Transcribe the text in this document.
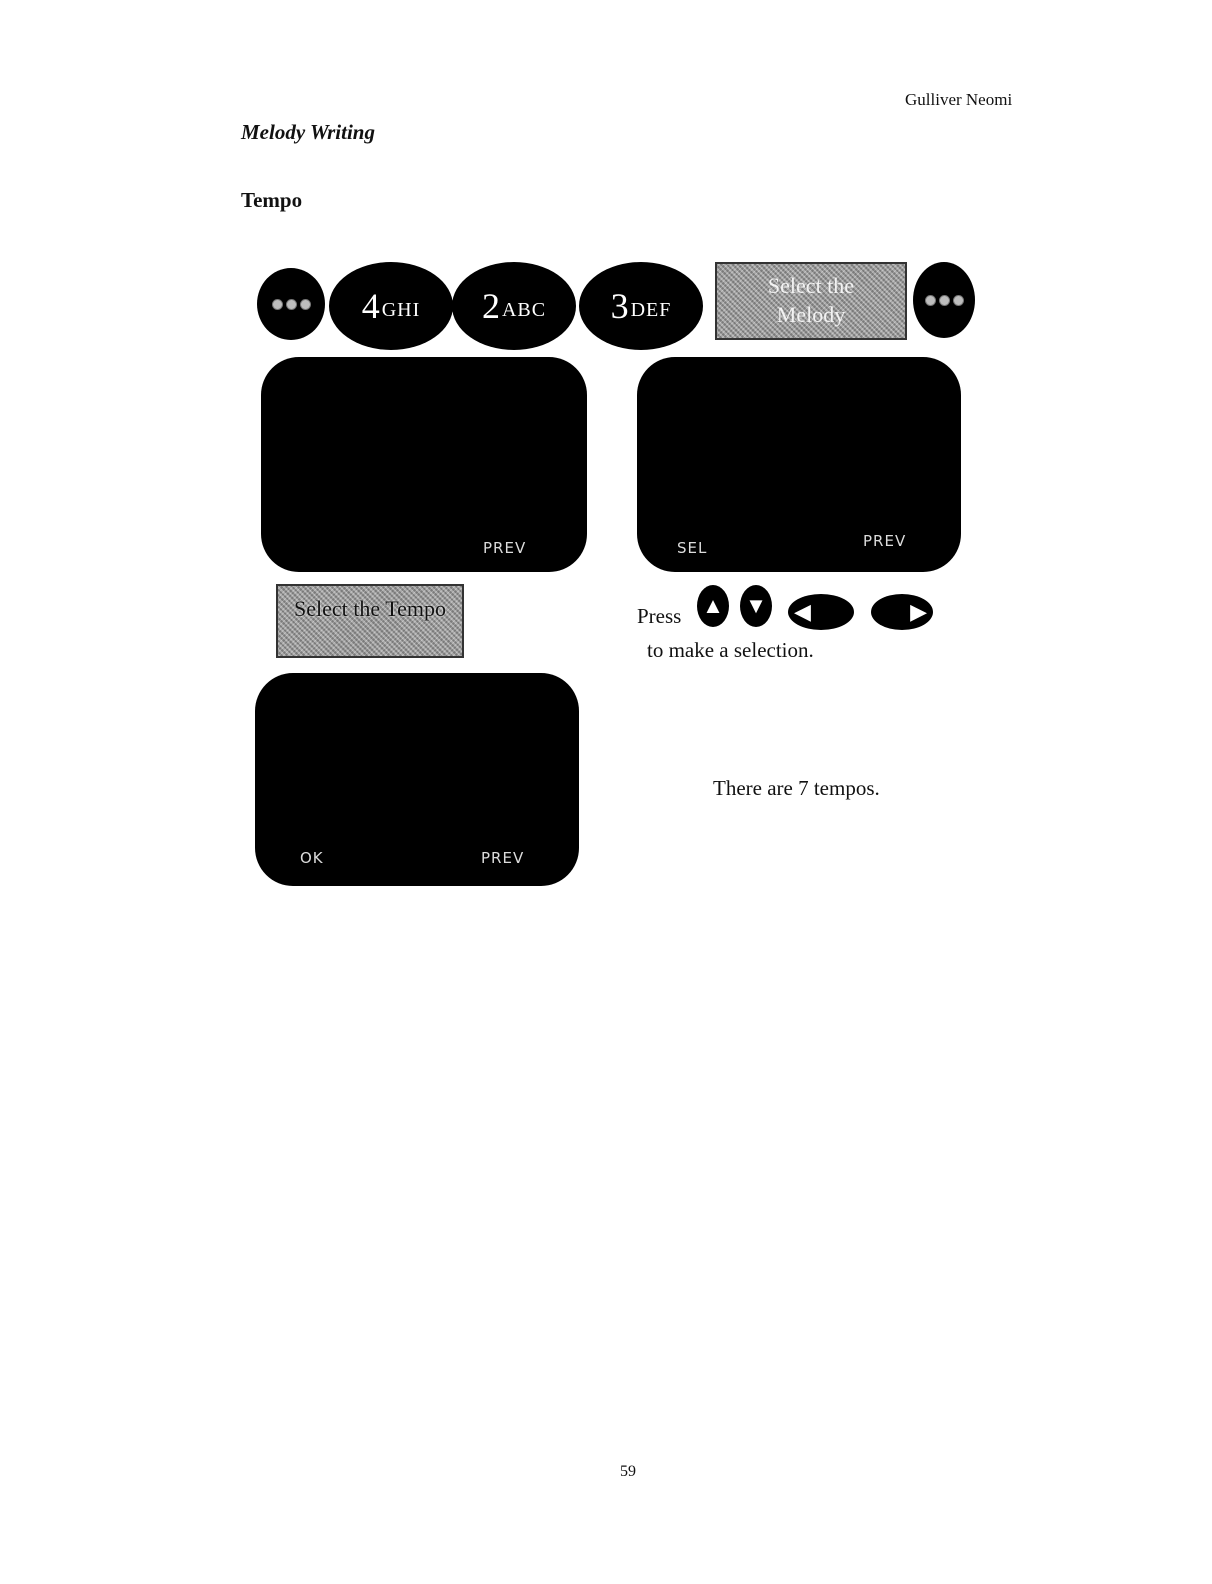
Gulliver Neomi
Melody Writing
Tempo
4 GHI 2 ABC 3 DEF
Select the
Melody
PREV	SEL	PREV
Select the Tempo	Press ▲ ▼ ◀	▶
to make a selection.
OK	PREV
There are 7 tempos.
59
